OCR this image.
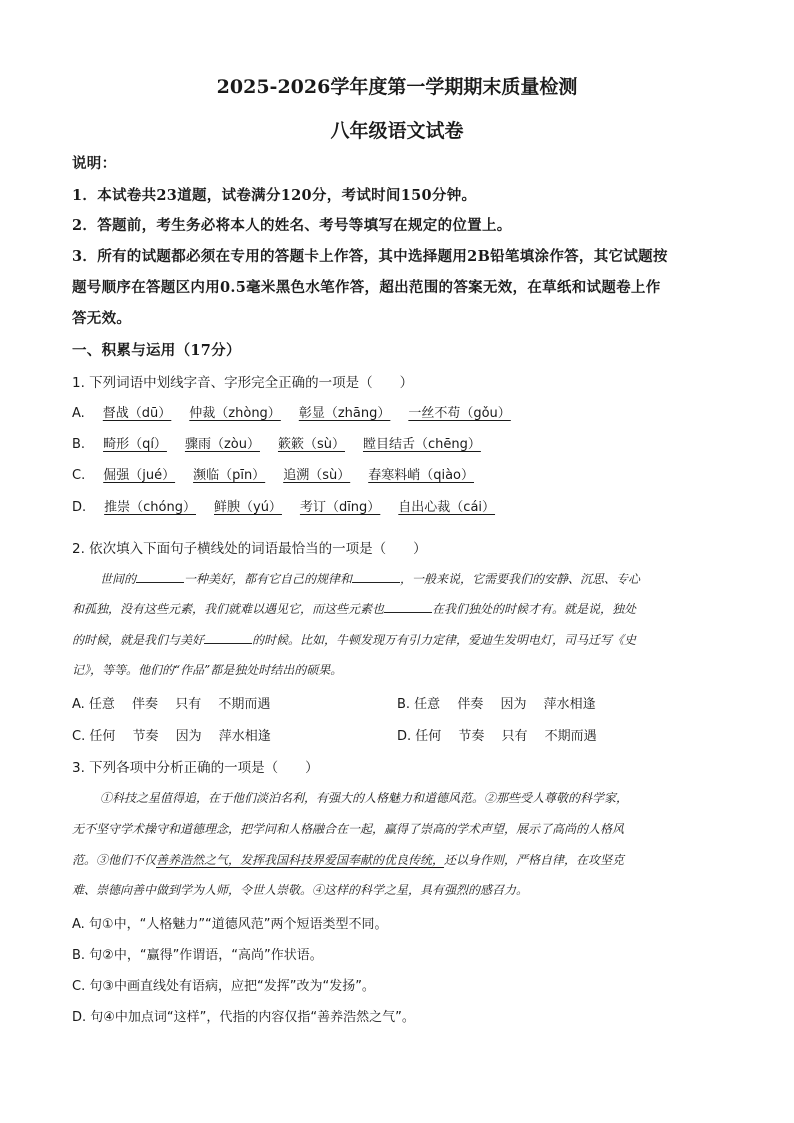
2025-2026学年度第一学期期末质量检测
八年级语文试卷
说明：
1．本试卷共23道题，试卷满分120分，考试时间150分钟。
2．答题前，考生务必将本人的姓名、考号等填写在规定的位置上。
3．所有的试题都必须在专用的答题卡上作答，其中选择题用2B铅笔填涂作答，其它试题按
题号顺序在答题区内用0.5毫米黑色水笔作答，超出范围的答案无效，在草纸和试题卷上作
答无效。
一、积累与运用（17分）
1. 下列词语中划线字音、字形完全正确的一项是（　　）
A. 督战（dū） 仲裁（zhòng） 彰显（zhāng） 一丝不苟（gǒu）
B. 畸形（qí） 骤雨（zòu） 簌簌（sù） 瞠目结舌（chēng）
C. 倔强（jué） 濒临（pīn） 追溯（sù） 春寒料峭（qiào）
D. 推崇（chóng） 鲜腴（yú） 考订（dīng） 自出心裁（cái）
2. 依次填入下面句子横线处的词语最恰当的一项是（　　）
世间的	一种美好，都有它自己的规律和	，一般来说，它需要我们的安静、沉思、专心
和孤独，没有这些元素，我们就难以遇见它，而这些元素也	在我们独处的时候才有。就是说，独处
的时候，就是我们与美好	的时候。比如，牛顿发现万有引力定律，爱迪生发明电灯，司马迁写《史
记》，等等。他们的“作品”都是独处时结出的硕果。
A. 任意　 伴奏　 只有　 不期而遇	B. 任意　 伴奏　 因为　 萍水相逢
C. 任何　 节奏　 因为　 萍水相逢	D. 任何　 节奏　 只有　 不期而遇
3. 下列各项中分析正确的一项是（　　）
①科技之星值得追，在于他们淡泊名利，有强大的人格魅力和道德风范。②那些受人尊敬的科学家，
无不坚守学术操守和道德理念，把学问和人格融合在一起，赢得了崇高的学术声望，展示了高尚的人格风
范。③他们不仅善养浩然之气，发挥我国科技界爱国奉献的优良传统，还以身作则，严格自律，在攻坚克
难、崇德向善中做到学为人师，令世人崇敬。④这样的科学之星，具有强烈的感召力。
A. 句①中，“人格魅力”“道德风范”两个短语类型不同。
B. 句②中，“赢得”作谓语，“高尚”作状语。
C. 句③中画直线处有语病，应把“发挥”改为“发扬”。
D. 句④中加点词“这样”，代指的内容仅指“善养浩然之气”。
